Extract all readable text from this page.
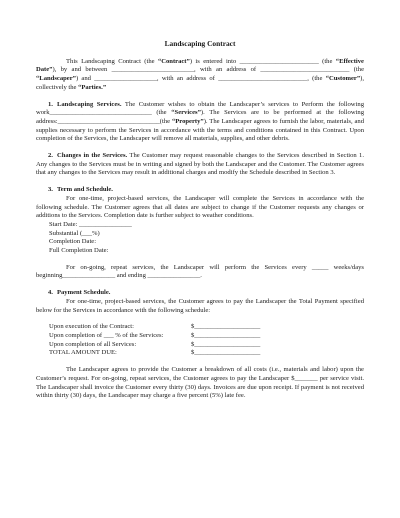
Landscaping Contract

This Landscaping Contract (the “Contract”) is entered into ________________________ (the “Effective Date”), by and between _________________________, with an address of ___________________________ (the “Landscaper”) and ___________________, with an address of ___________________________, (the “Customer”), collectively the “Parties.”

1. Landscaping Services. The Customer wishes to obtain the Landscaper’s services to Perform the following work_______________________________ (the “Services”). The Services are to be performed at the following address:_______________________________(the “Property”). The Landscaper agrees to furnish the labor, materials, and supplies necessary to perform the Services in accordance with the terms and conditions contained in this Contract. Upon completion of the Services, the Landscaper will remove all materials, supplies, and other debris.

2. Changes in the Services. The Customer may request reasonable changes to the Services described in Section 1. Any changes to the Services must be in writing and signed by both the Landscaper and the Customer. The Customer agrees that any changes to the Services may result in additional charges and modify the Schedule described in Section 3.

3. Term and Schedule.

For one-time, project-based services, the Landscaper will complete the Services in accordance with the following schedule. The Customer agrees that all dates are subject to change if the Customer requests any changes or additions to the Services. Completion date is further subject to weather conditions.

Start Date: ________________
Substantial (___%)
Completion Date:
Full Completion Date:

For on-going, repeat services, the Landscaper will perform the Services every _____ weeks/days beginning________________ and ending ________________.

4. Payment Schedule.

For one-time, project-based services, the Customer agrees to pay the Landscaper the Total Payment specified below for the Services in accordance with the following schedule:

Upon execution of the Contract:	$____________________
Upon completion of ___ % of the Services:	$____________________
Upon completion of all Services:	$____________________
TOTAL AMOUNT DUE:	$____________________

The Landscaper agrees to provide the Customer a breakdown of all costs (i.e., materials and labor) upon the Customer’s request. For on-going, repeat services, the Customer agrees to pay the Landscaper $_______ per service visit. The Landscaper shall invoice the Customer every thirty (30) days. Invoices are due upon receipt. If payment is not received within thirty (30) days, the Landscaper may charge a five percent (5%) late fee.
